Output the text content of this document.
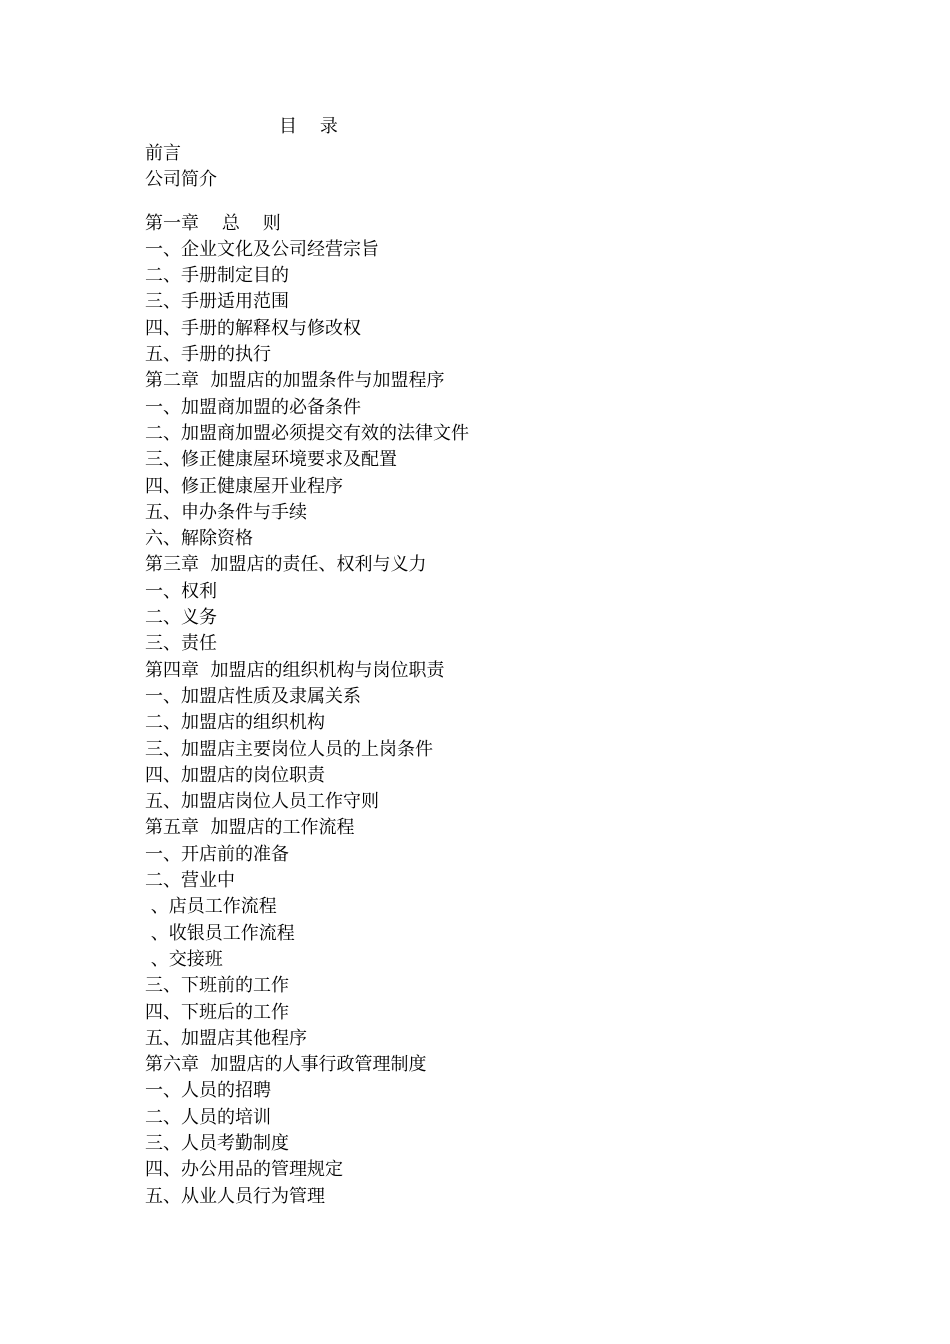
目    录
前言
公司简介
第一章    总    则
一、企业文化及公司经营宗旨
二、手册制定目的
三、手册适用范围
四、手册的解释权与修改权
五、手册的执行
第二章  加盟店的加盟条件与加盟程序
一、加盟商加盟的必备条件
二、加盟商加盟必须提交有效的法律文件
三、修正健康屋环境要求及配置
四、修正健康屋开业程序
五、申办条件与手续
六、解除资格
第三章  加盟店的责任、权利与义力
一、权利
二、义务
三、责任
第四章  加盟店的组织机构与岗位职责
一、加盟店性质及隶属关系
二、加盟店的组织机构
三、加盟店主要岗位人员的上岗条件
四、加盟店的岗位职责
五、加盟店岗位人员工作守则
第五章  加盟店的工作流程
一、开店前的准备
二、营业中
、店员工作流程
、收银员工作流程
、交接班
三、下班前的工作
四、下班后的工作
五、加盟店其他程序
第六章  加盟店的人事行政管理制度
一、人员的招聘
二、人员的培训
三、人员考勤制度
四、办公用品的管理规定
五、从业人员行为管理
